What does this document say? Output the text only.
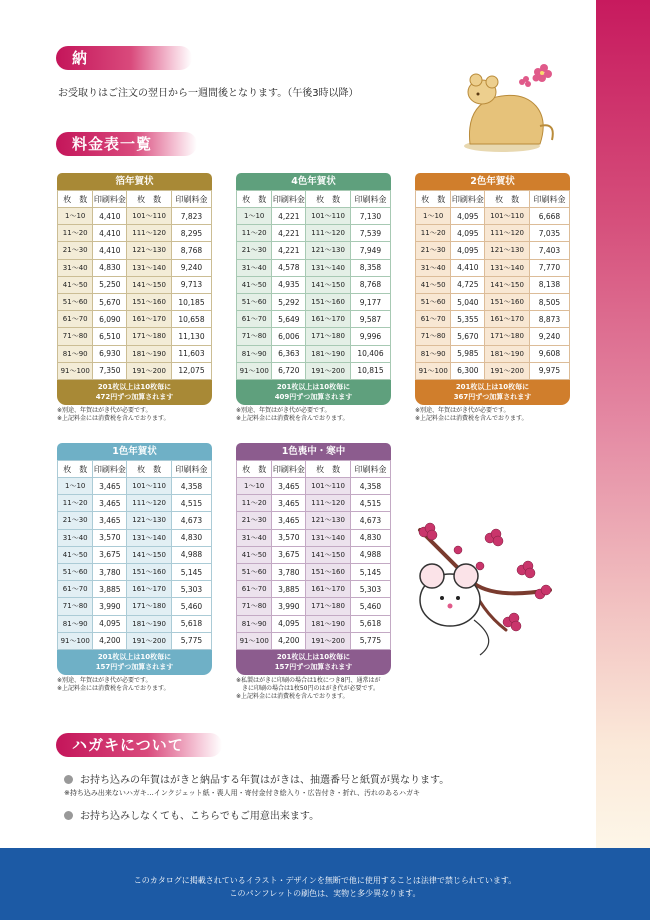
納期
お受取りはご注文の翌日から一週間後となります。（午後3時以降）
料金表一覧
箔年賀状
枚　数	印刷料金	枚　数	印刷料金
1〜10	4,410	101〜110	7,823
11〜20	4,410	111〜120	8,295
21〜30	4,410	121〜130	8,768
31〜40	4,830	131〜140	9,240
41〜50	5,250	141〜150	9,713
51〜60	5,670	151〜160	10,185
61〜70	6,090	161〜170	10,658
71〜80	6,510	171〜180	11,130
81〜90	6,930	181〜190	11,603
91〜100	7,350	191〜200	12,075
201枚以上は10枚毎に
472円ずつ加算されます
※別途、年賀はがき代が必要です。
※上記料金には消費税を含んでおります。
4色年賀状
枚　数	印刷料金	枚　数	印刷料金
1〜10	4,221	101〜110	7,130
11〜20	4,221	111〜120	7,539
21〜30	4,221	121〜130	7,949
31〜40	4,578	131〜140	8,358
41〜50	4,935	141〜150	8,768
51〜60	5,292	151〜160	9,177
61〜70	5,649	161〜170	9,587
71〜80	6,006	171〜180	9,996
81〜90	6,363	181〜190	10,406
91〜100	6,720	191〜200	10,815
201枚以上は10枚毎に
409円ずつ加算されます
※別途、年賀はがき代が必要です。
※上記料金には消費税を含んでおります。
2色年賀状
枚　数	印刷料金	枚　数	印刷料金
1〜10	4,095	101〜110	6,668
11〜20	4,095	111〜120	7,035
21〜30	4,095	121〜130	7,403
31〜40	4,410	131〜140	7,770
41〜50	4,725	141〜150	8,138
51〜60	5,040	151〜160	8,505
61〜70	5,355	161〜170	8,873
71〜80	5,670	171〜180	9,240
81〜90	5,985	181〜190	9,608
91〜100	6,300	191〜200	9,975
201枚以上は10枚毎に
367円ずつ加算されます
※別途、年賀はがき代が必要です。
※上記料金には消費税を含んでおります。
1色年賀状
枚　数	印刷料金	枚　数	印刷料金
1〜10	3,465	101〜110	4,358
11〜20	3,465	111〜120	4,515
21〜30	3,465	121〜130	4,673
31〜40	3,570	131〜140	4,830
41〜50	3,675	141〜150	4,988
51〜60	3,780	151〜160	5,145
61〜70	3,885	161〜170	5,303
71〜80	3,990	171〜180	5,460
81〜90	4,095	181〜190	5,618
91〜100	4,200	191〜200	5,775
201枚以上は10枚毎に
157円ずつ加算されます
※別途、年賀はがき代が必要です。
※上記料金には消費税を含んでおります。
1色喪中・寒中
枚　数	印刷料金	枚　数	印刷料金
1〜10	3,465	101〜110	4,358
11〜20	3,465	111〜120	4,515
21〜30	3,465	121〜130	4,673
31〜40	3,570	131〜140	4,830
41〜50	3,675	141〜150	4,988
51〜60	3,780	151〜160	5,145
61〜70	3,885	161〜170	5,303
71〜80	3,990	171〜180	5,460
81〜90	4,095	181〜190	5,618
91〜100	4,200	191〜200	5,775
201枚以上は10枚毎に
157円ずつ加算されます
※私製はがきに印刷の場合は1枚につき8円、通常はが
　きに印刷の場合は1枚50円のはがき代が必要です。
※上記料金には消費税を含んでおります。
ハガキについて
お持ち込みの年賀はがきと納品する年賀はがきは、抽選番号と紙質が異なります。
※持ち込み出来ないハガキ…インクジェット紙・喪人用・寄付金付き絵入り・広告付き・折れ、汚れのあるハガキ
お持ち込みしなくても、こちらでもご用意出来ます。
このカタログに掲載されているイラスト・デザインを無断で他に使用することは法律で禁じられています。
このパンフレットの刷色は、実物と多少異なります。
